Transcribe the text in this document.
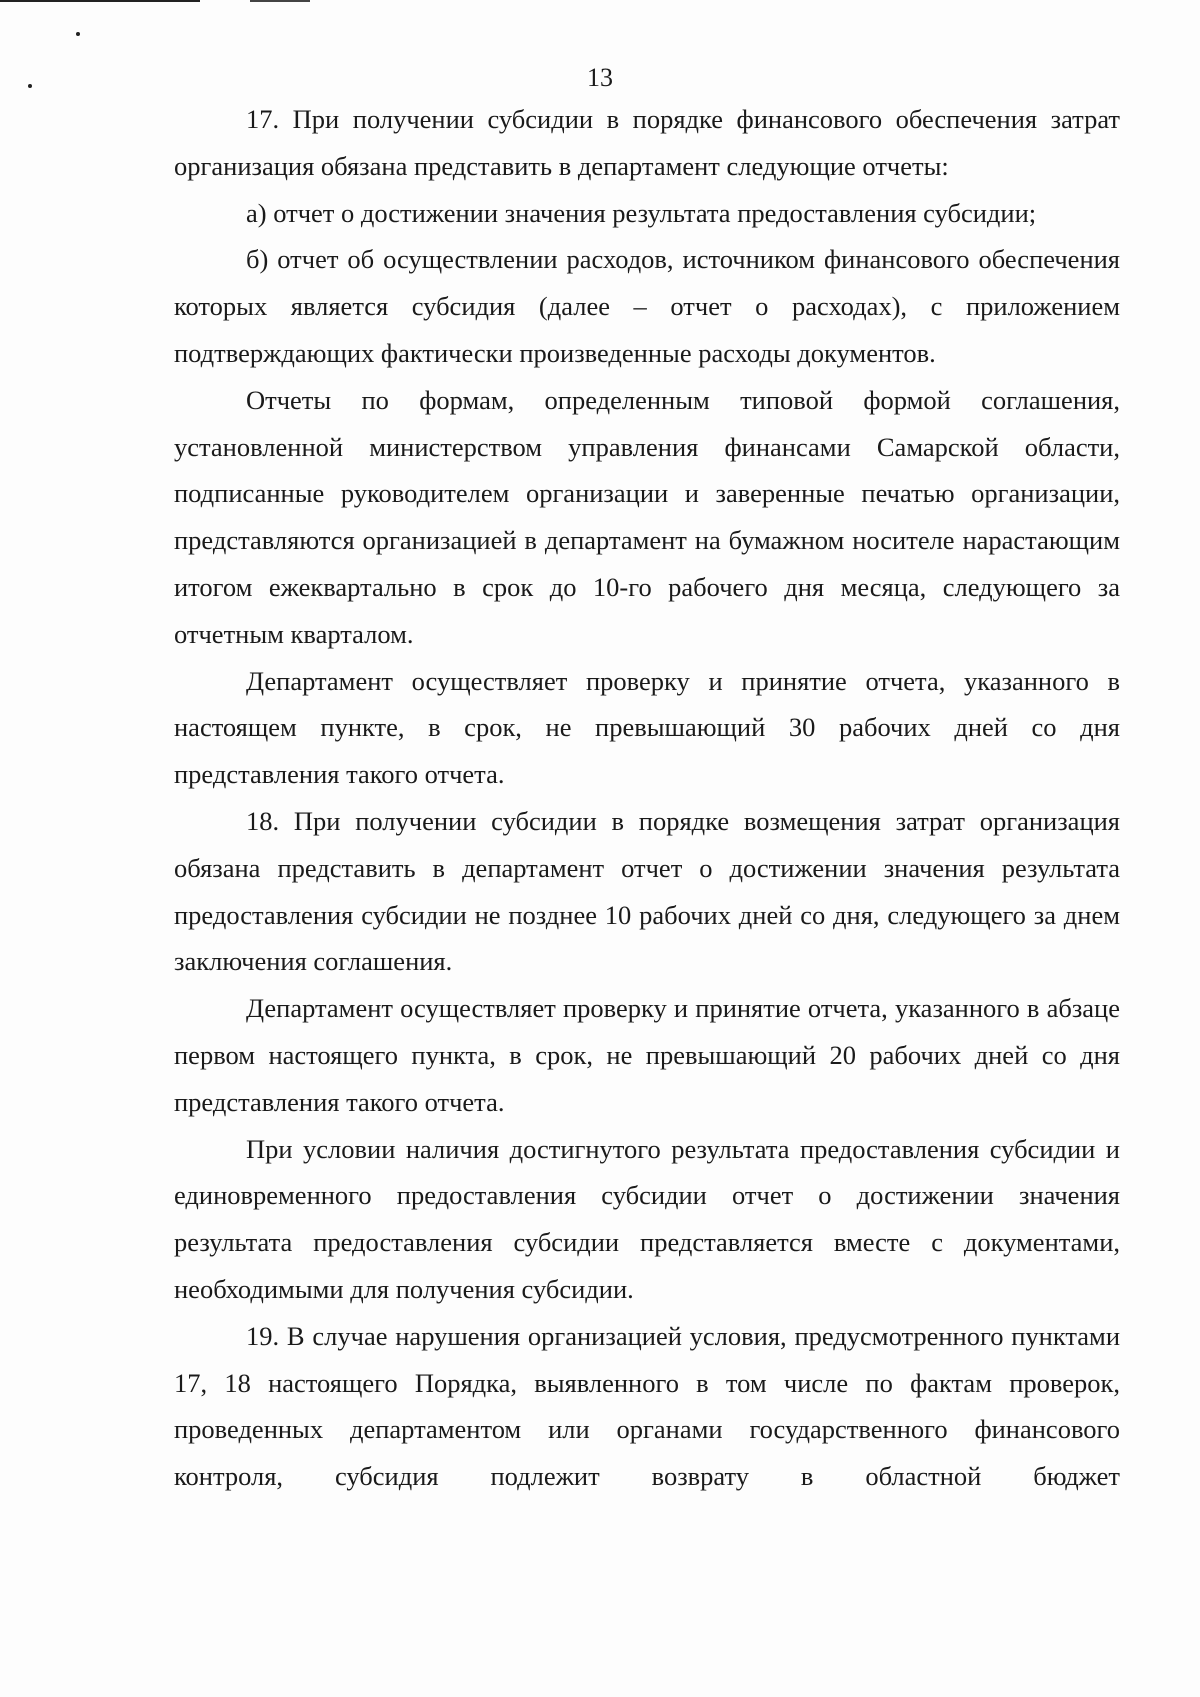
13

17. При получении субсидии в порядке финансового обеспечения затрат организация обязана представить в департамент следующие отчеты:

а) отчет о достижении значения результата предоставления субсидии;

б) отчет об осуществлении расходов, источником финансового обеспечения которых является субсидия (далее – отчет о расходах), с приложением подтверждающих фактически произведенные расходы документов.

Отчеты по формам, определенным типовой формой соглашения, установленной министерством управления финансами Самарской области, подписанные руководителем организации и заверенные печатью организации, представляются организацией в департамент на бумажном носителе нарастающим итогом ежеквартально в срок до 10-го рабочего дня месяца, следующего за отчетным кварталом.

Департамент осуществляет проверку и принятие отчета, указанного в настоящем пункте, в срок, не превышающий 30 рабочих дней со дня представления такого отчета.

18. При получении субсидии в порядке возмещения затрат организация обязана представить в департамент отчет о достижении значения результата предоставления субсидии не позднее 10 рабочих дней со дня, следующего за днем заключения соглашения.

Департамент осуществляет проверку и принятие отчета, указанного в абзаце первом настоящего пункта, в срок, не превышающий 20 рабочих дней со дня представления такого отчета.

При условии наличия достигнутого результата предоставления субсидии и единовременного предоставления субсидии отчет о достижении значения результата предоставления субсидии представляется вместе с документами, необходимыми для получения субсидии.

19. В случае нарушения организацией условия, предусмотренного пунктами 17, 18 настоящего Порядка, выявленного в том числе по фактам проверок, проведенных департаментом или органами государственного финансового контроля, субсидия подлежит возврату в областной бюджет
